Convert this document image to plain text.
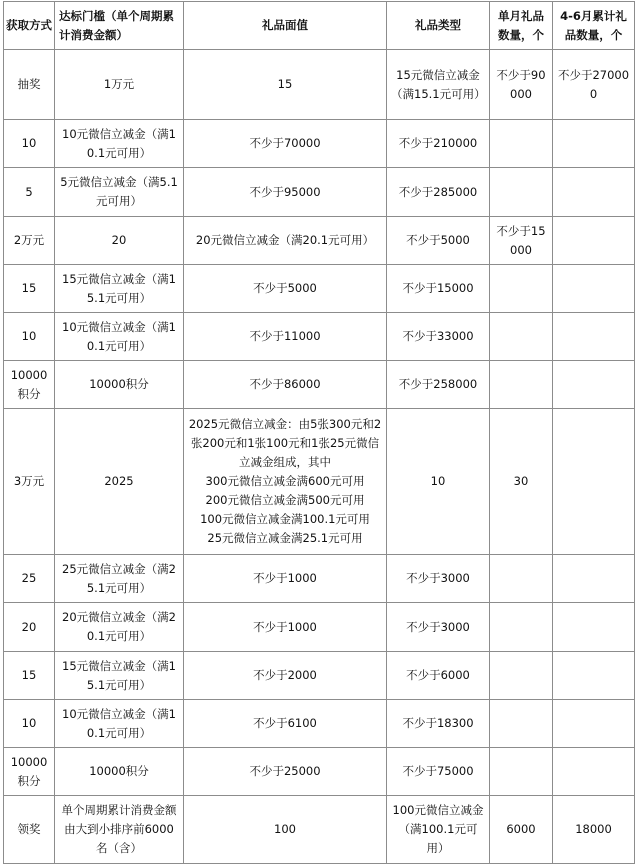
获取方式	达标门槛（单个周期累计消费金额）	礼品面值	礼品类型	单月礼品数量，个	4-6月累计礼品数量，个
抽奖	1万元	15	15元微信立减金（满15.1元可用）	不少于90000	不少于270000
10	10元微信立减金（满10.1元可用）	不少于70000	不少于210000		
5	5元微信立减金（满5.1元可用）	不少于95000	不少于285000		
2万元	20	20元微信立减金（满20.1元可用）	不少于5000	不少于15000	
15	15元微信立减金（满15.1元可用）	不少于5000	不少于15000		
10	10元微信立减金（满10.1元可用）	不少于11000	不少于33000		
10000积分	10000积分	不少于86000	不少于258000		
3万元	2025	2025元微信立减金：由5张300元和2张200元和1张100元和1张25元微信立减金组成，其中
300元微信立减金满600元可用
200元微信立减金满500元可用
100元微信立减金满100.1元可用
25元微信立减金满25.1元可用	10	30	
25	25元微信立减金（满25.1元可用）	不少于1000	不少于3000		
20	20元微信立减金（满20.1元可用）	不少于1000	不少于3000		
15	15元微信立减金（满15.1元可用）	不少于2000	不少于6000		
10	10元微信立减金（满10.1元可用）	不少于6100	不少于18300		
10000积分	10000积分	不少于25000	不少于75000		
领奖	单个周期累计消费金额由大到小排序前6000名（含）	100	100元微信立减金（满100.1元可用）	6000	18000
